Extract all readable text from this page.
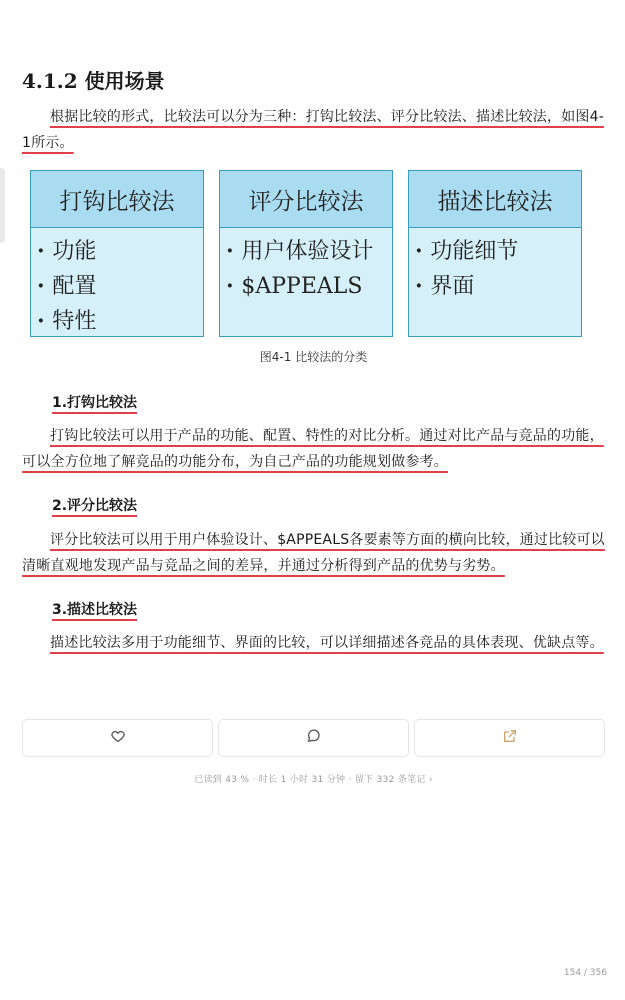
4.1.2 使用场景

根据比较的形式，比较法可以分为三种：打钩比较法、评分比较法、描述比较法，如图4-1所示。

打钩比较法
· 功能
· 配置
· 特性
评分比较法
· 用户体验设计
· $APPEALS
描述比较法
· 功能细节
· 界面

图4-1 比较法的分类

1.打钩比较法

打钩比较法可以用于产品的功能、配置、特性的对比分析。通过对比产品与竞品的功能，可以全方位地了解竞品的功能分布，为自己产品的功能规划做参考。

2.评分比较法

评分比较法可以用于用户体验设计、$APPEALS各要素等方面的横向比较，通过比较可以清晰直观地发现产品与竞品之间的差异，并通过分析得到产品的优势与劣势。

3.描述比较法

描述比较法多用于功能细节、界面的比较，可以详细描述各竞品的具体表现、优缺点等。

已读到 43 % · 时长 1 小时 31 分钟 · 留下 332 条笔记 ›
154 / 356
